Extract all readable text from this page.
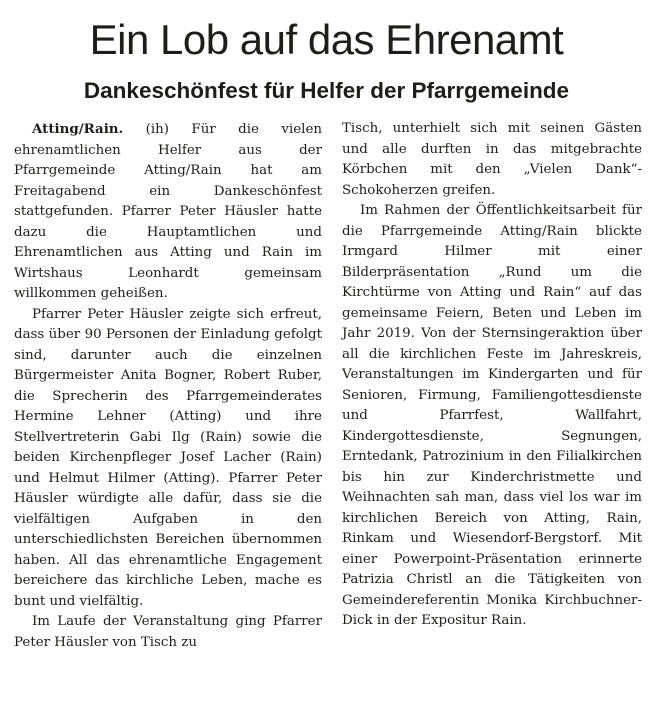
Ein Lob auf das Ehrenamt
Dankeschönfest für Helfer der Pfarrgemeinde

Atting/Rain. (ih) Für die vielen ehrenamtlichen Helfer aus der Pfarrgemeinde Atting/Rain hat am Freitagabend ein Dankeschönfest stattgefunden. Pfarrer Peter Häusler hatte dazu die Hauptamtlichen und Ehrenamtlichen aus Atting und Rain im Wirtshaus Leonhardt gemeinsam willkommen geheißen.

Pfarrer Peter Häusler zeigte sich erfreut, dass über 90 Personen der Einladung gefolgt sind, darunter auch die einzelnen Bürgermeister Anita Bogner, Robert Ruber, die Sprecherin des Pfarrgemeinderates Hermine Lehner (Atting) und ihre Stellvertreterin Gabi Ilg (Rain) sowie die beiden Kirchenpfleger Josef Lacher (Rain) und Helmut Hilmer (Atting). Pfarrer Peter Häusler würdigte alle dafür, dass sie die vielfältigen Aufgaben in den unterschiedlichsten Bereichen übernommen haben. All das ehrenamtliche Engagement bereichere das kirchliche Leben, mache es bunt und vielfältig.

Im Laufe der Veranstaltung ging Pfarrer Peter Häusler von Tisch zu

Tisch, unterhielt sich mit seinen Gästen und alle durften in das mitgebrachte Körbchen mit den „Vielen Dank“-Schokoherzen greifen.

Im Rahmen der Öffentlichkeitsarbeit für die Pfarrgemeinde Atting/Rain blickte Irmgard Hilmer mit einer Bilderpräsentation „Rund um die Kirchtürme von Atting und Rain“ auf das gemeinsame Feiern, Beten und Leben im Jahr 2019. Von der Sternsingeraktion über all die kirchlichen Feste im Jahreskreis, Veranstaltungen im Kindergarten und für Senioren, Firmung, Familiengottesdienste und Pfarrfest, Wallfahrt, Kindergottesdienste, Segnungen, Erntedank, Patrozinium in den Filialkirchen bis hin zur Kinderchristmette und Weihnachten sah man, dass viel los war im kirchlichen Bereich von Atting, Rain, Rinkam und Wiesendorf-Bergstorf. Mit einer Powerpoint-Präsentation erinnerte Patrizia Christl an die Tätigkeiten von Gemeindereferentin Monika Kirchbuchner-Dick in der Expositur Rain.
